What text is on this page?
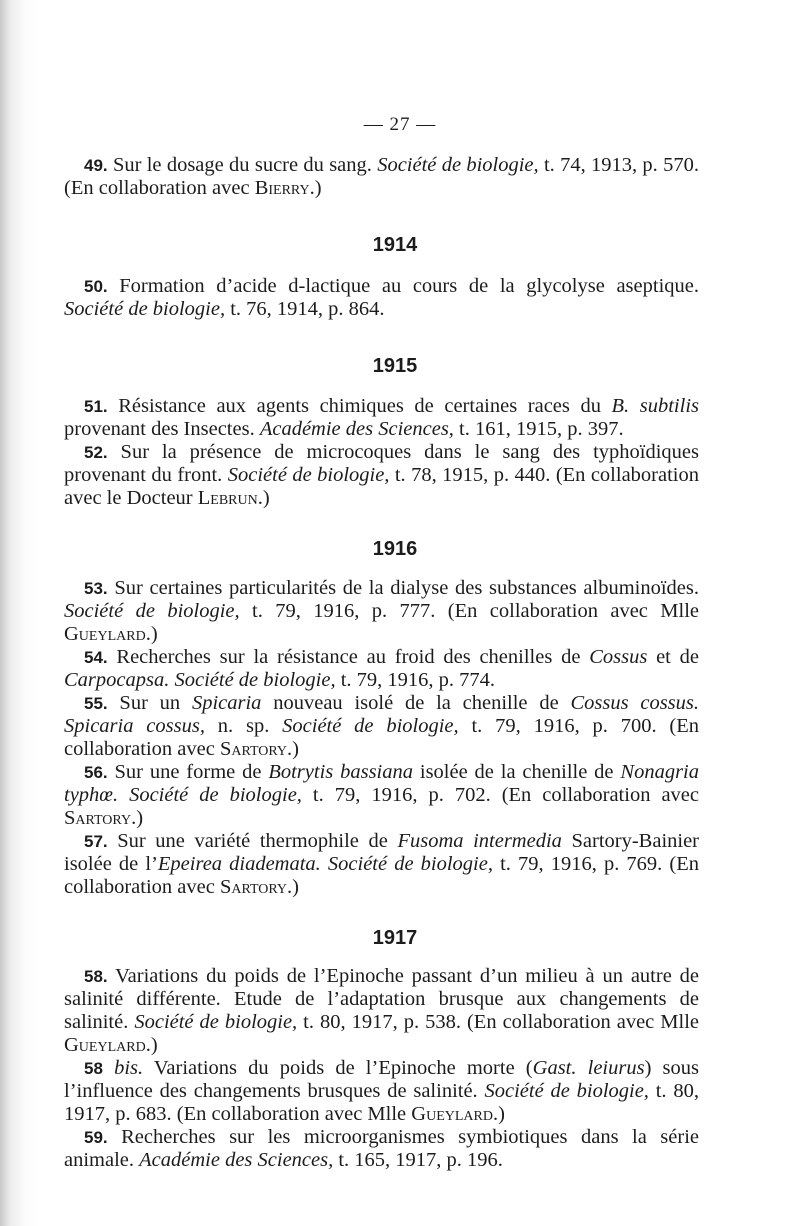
— 27 —
1914
1915
1916
1917
49. Sur le dosage du sucre du sang. Société de biologie, t. 74, 1913, p. 570. (En collaboration avec Bierry.)
50. Formation d’acide d-lactique au cours de la glycolyse aseptique. Société de biologie, t. 76, 1914, p. 864.
51. Résistance aux agents chimiques de certaines races du B. subtilis provenant des Insectes. Académie des Sciences, t. 161, 1915, p. 397.
52. Sur la présence de microcoques dans le sang des typhoïdiques provenant du front. Société de biologie, t. 78, 1915, p. 440. (En collaboration avec le Docteur Lebrun.)
53. Sur certaines particularités de la dialyse des substances albuminoïdes. Société de biologie, t. 79, 1916, p. 777. (En collaboration avec Mlle Gueylard.)
54. Recherches sur la résistance au froid des chenilles de Cossus et de Carpocapsa. Société de biologie, t. 79, 1916, p. 774.
55. Sur un Spicaria nouveau isolé de la chenille de Cossus cossus. Spicaria cossus, n. sp. Société de biologie, t. 79, 1916, p. 700. (En collaboration avec Sartory.)
56. Sur une forme de Botrytis bassiana isolée de la chenille de Nonagria typhœ. Société de biologie, t. 79, 1916, p. 702. (En collaboration avec Sartory.)
57. Sur une variété thermophile de Fusoma intermedia Sartory-Bainier isolée de l’Epeirea diademata. Société de biologie, t. 79, 1916, p. 769. (En collaboration avec Sartory.)
58. Variations du poids de l’Epinoche passant d’un milieu à un autre de salinité différente. Etude de l’adaptation brusque aux changements de salinité. Société de biologie, t. 80, 1917, p. 538. (En collaboration avec Mlle Gueylard.)
58 bis. Variations du poids de l’Epinoche morte (Gast. leiurus) sous l’influence des changements brusques de salinité. Société de biologie, t. 80, 1917, p. 683. (En collaboration avec Mlle Gueylard.)
59. Recherches sur les microorganismes symbiotiques dans la série animale. Académie des Sciences, t. 165, 1917, p. 196.
